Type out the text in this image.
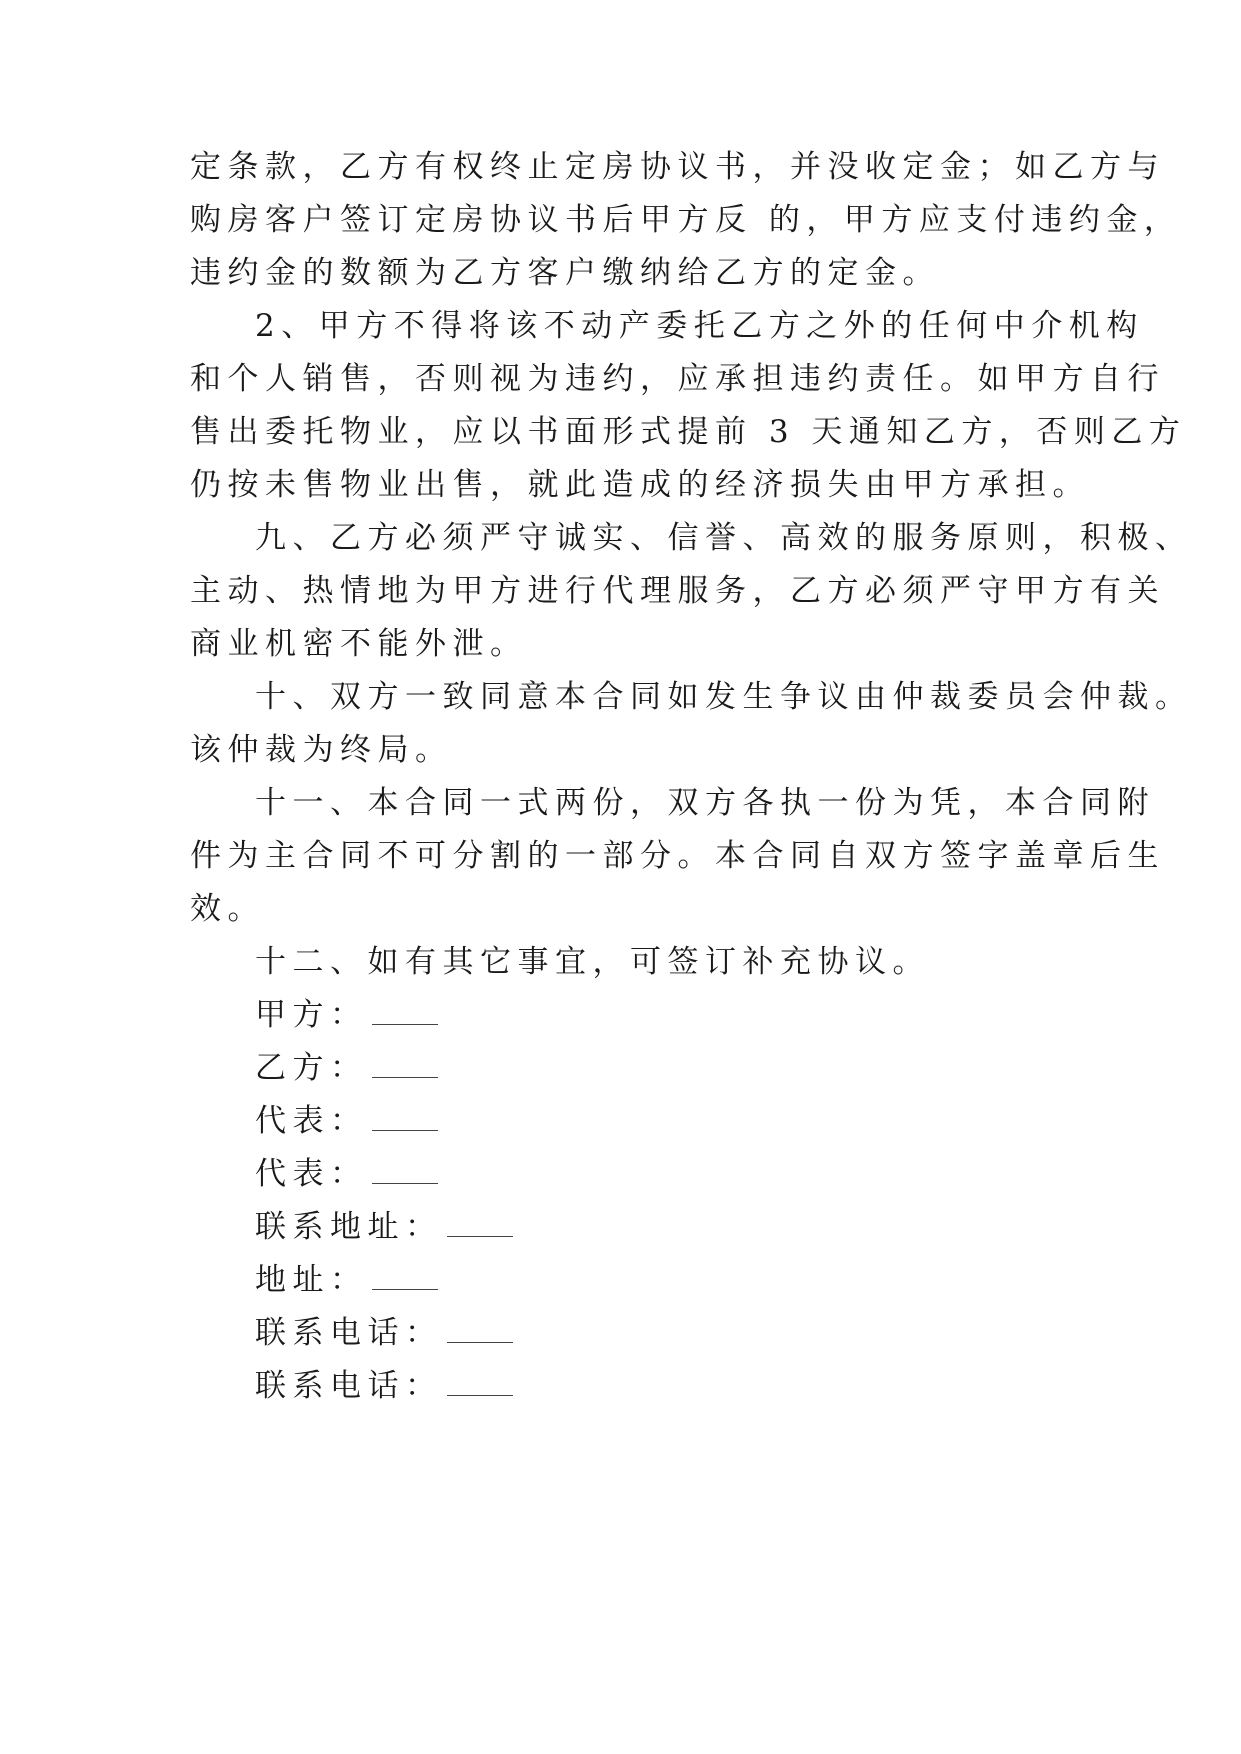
定条款，乙方有权终止定房协议书，并没收定金；如乙方与
购房客户签订定房协议书后甲方反 的，甲方应支付违约金，
违约金的数额为乙方客户缴纳给乙方的定金。
2、甲方不得将该不动产委托乙方之外的任何中介机构
和个人销售，否则视为违约，应承担违约责任。如甲方自行
售出委托物业，应以书面形式提前 3 天通知乙方，否则乙方
仍按未售物业出售，就此造成的经济损失由甲方承担。
九、乙方必须严守诚实、信誉、高效的服务原则，积极、
主动、热情地为甲方进行代理服务，乙方必须严守甲方有关
商业机密不能外泄。
十、双方一致同意本合同如发生争议由仲裁委员会仲裁。
该仲裁为终局。
十一、本合同一式两份，双方各执一份为凭，本合同附
件为主合同不可分割的一部分。本合同自双方签字盖章后生
效。
十二、如有其它事宜，可签订补充协议。
甲方：
乙方：
代表：
代表：
联系地址：
地址：
联系电话：
联系电话：
